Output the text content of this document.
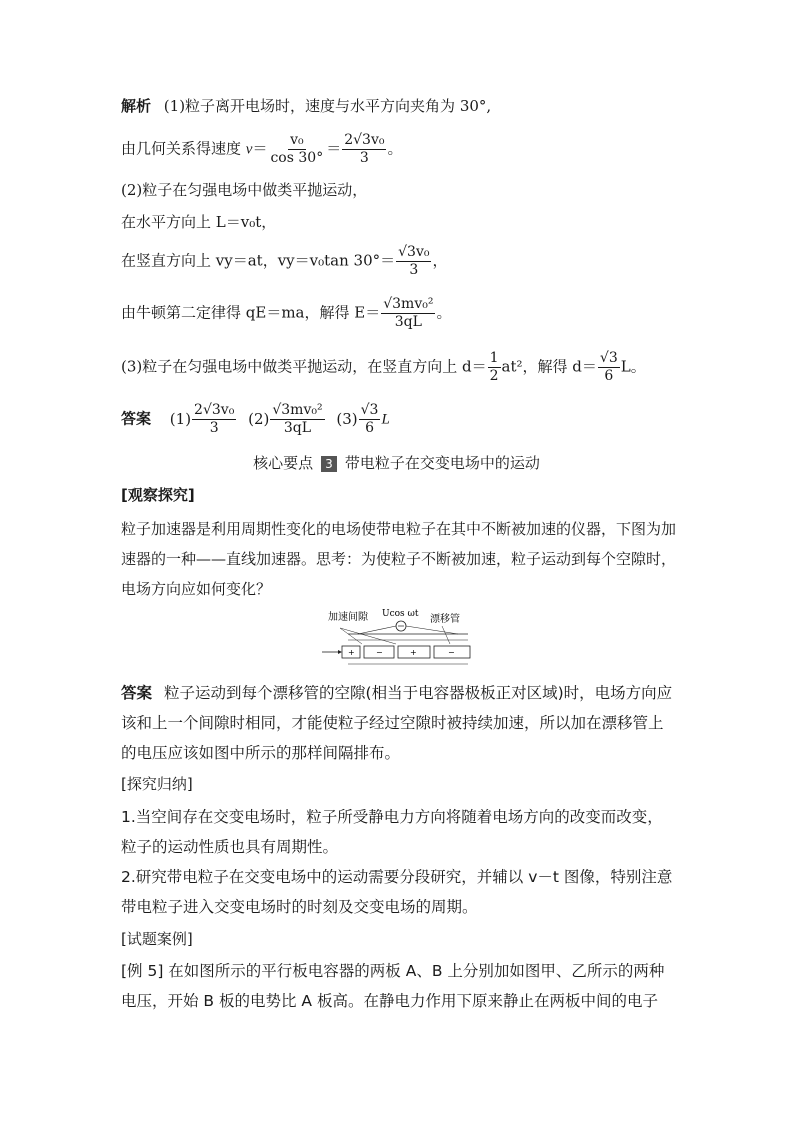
解析 (1)粒子离开电场时，速度与水平方向夹角为 30°,
由几何关系得速度 $v= \frac{\text{v₀}}{\cos 30^\circ} = \frac{\text{2√3v₀}}{3}$ 。
(2)粒子在匀强电场中做类平抛运动，
在水平方向上 L＝v₀t，
在竖直方向上 vy＝at，vy＝v₀tan $30^\circ= \frac{\text{√3v₀}}{3}$ ，
由牛顿第二定律得 qE＝ma，解得 $E= \frac{\text{√3mv₀²}}{3qL}$ 。
(3)粒子在匀强电场中做类平抛运动，在竖直方向上 $d= \frac{1}{2} at^2$，解得 $d= \frac{√3}{6}$ L。
答案 $(1) \frac{\text{2√3v₀}}{3} (2) \frac{\text{√3mv₀²}}{3qL} (3) \frac{√3}{6}$ L
核心要点 3 带电粒子在交变电场中的运动
[观察探究]
粒子加速器是利用周期性变化的电场使带电粒子在其中不断被加速的仪器，下图为加速器的一种——直线加速器。思考：为使粒子不断被加速，粒子运动到每个空隙时，电场方向应如何变化？
加速间隙 Ucos ωt 漂移管
+	−	+	−

答案 粒子运动到每个漂移管的空隙(相当于电容器极板正对区域)时，电场方向应该和上一个间隙时相同，才能使粒子经过空隙时被持续加速，所以加在漂移管上的电压应该如图中所示的那样间隔排布。

[探究归纳]
1.当空间存在交变电场时，粒子所受静电力方向将随着电场方向的改变而改变，粒子的运动性质也具有周期性。
2.研究带电粒子在交变电场中的运动需要分段研究，并辅以 v－t 图像，特别注意带电粒子进入交变电场时的时刻及交变电场的周期。
[试题案例]
[例 5] 在如图所示的平行板电容器的两板 A、B 上分别加如图甲、乙所示的两种电压，开始 B 板的电势比 A 板高。在静电力作用下原来静止在两板中间的电子
